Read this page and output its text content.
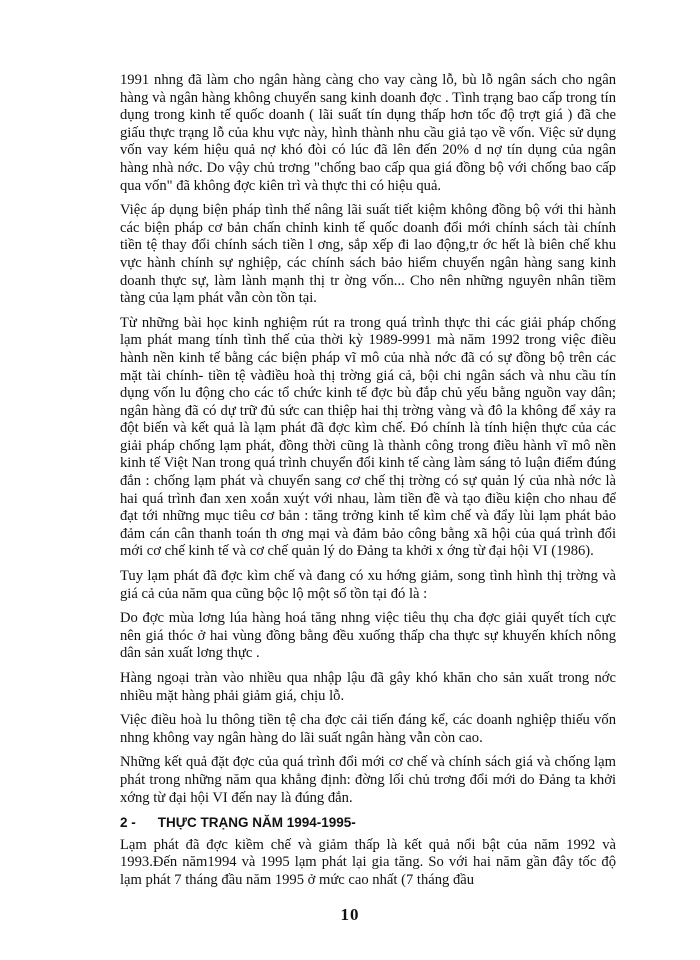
1991 nhng đã làm cho ngân hàng càng cho vay càng lỗ, bù lỗ ngân sách cho ngân hàng và ngân hàng không chuyển sang kinh doanh đợc . Tình trạng bao cấp trong tín dụng trong kinh tế quốc doanh ( lãi suất tín dụng thấp hơn tốc độ trợt giá ) đã che giấu thực trạng lỗ của khu vực này, hình thành nhu cầu giả tạo về vốn. Việc sử dụng vốn vay kém hiệu quả nợ khó đòi có lúc đã lên đến 20% d nợ tín dụng của ngân hàng nhà nớc. Do vậy chủ trơng "chống bao cấp qua giá đồng bộ với chống bao cấp qua vốn" đã không đợc kiên trì và thực thi có hiệu quả.

Việc áp dụng biện pháp tình thế nâng lãi suất tiết kiệm không đồng bộ với thi hành các biện pháp cơ bản chấn chỉnh kinh tế quốc doanh đổi mới chính sách tài chính tiền tệ thay đổi chính sách tiền l ơng, sắp xếp đi lao động,tr ớc hết là biên chế khu vực hành chính sự nghiệp, các chính sách bảo hiểm chuyển ngân hàng sang kinh doanh thực sự, làm lành mạnh thị tr ờng vốn... Cho nên những nguyên nhân tiềm tàng của lạm phát vẫn còn tồn tại.

Từ những bài học kinh nghiệm rút ra trong quá trình thực thi các giải pháp chống lạm phát mang tính tình thế của thời kỳ 1989-9991 mà năm 1992 trong việc điều hành nền kinh tế bằng các biện pháp vĩ mô của nhà nớc đã có sự đồng bộ trên các mặt tài chính- tiền tệ vàđiều hoà thị trờng giá cả, bội chi ngân sách và nhu cầu tín dụng vốn lu động cho các tổ chức kinh tế đợc bù đắp chủ yếu bằng nguồn vay dân; ngân hàng đã có dự trữ đủ sức can thiệp hai thị trờng vàng và đô la không để xảy ra đột biến và kết quả là lạm phát đã đợc kìm chế. Đó chính là tính hiện thực của các giải pháp chống lạm phát, đồng thời cũng là thành công trong điều hành vĩ mô nền kinh tế Việt Nan trong quá trình chuyển đổi kinh tế càng làm sáng tỏ luận điểm đúng đắn : chống lạm phát và chuyển sang cơ chế thị trờng có sự quản lý của nhà nớc là hai quá trình đan xen xoắn xuýt với nhau, làm tiền đề và tạo điều kiện cho nhau để đạt tới những mục tiêu cơ bản : tăng trởng kinh tế kìm chế và đẩy lùi lạm phát bảo đảm cán cân thanh toán th ơng mại và đảm bảo công bằng xã hội của quá trình đổi mới cơ chế kinh tế và cơ chế quản lý do Đảng ta khởi x ớng từ đại hội VI (1986).

Tuy lạm phát đã đợc kìm chế và đang có xu hớng giảm, song tình hình thị trờng và giá cả của năm qua cũng bộc lộ một số tồn tại đó là :

Do đợc mùa lơng lúa hàng hoá tăng nhng việc tiêu thụ cha đợc giải quyết tích cực nên giá thóc ở hai vùng đồng bằng đều xuống thấp cha thực sự khuyến khích nông dân sản xuất lơng thực .

Hàng ngoại tràn vào nhiều qua nhập lậu đã gây khó khăn cho sản xuất trong nớc nhiều mặt hàng phải giảm giá, chịu lỗ.

Việc điều hoà lu thông tiền tệ cha đợc cải tiến đáng kể, các doanh nghiệp thiếu vốn nhng không vay ngân hàng do lãi suất ngân hàng vẫn còn cao.

Những kết quả đặt đợc của quá trình đổi mới cơ chế và chính sách giá và chống lạm phát trong những năm qua khẳng định: đờng lối chủ trơng đổi mới do Đảng ta khởi xớng từ đại hội VI đến nay là đúng đắn.

2 - THỰC TRẠNG NĂM 1994-1995-

Lạm phát đã đợc kiềm chế và giảm thấp là kết quả nổi bật của năm 1992 và 1993.Đến năm1994 và 1995 lạm phát lại gia tăng. So với hai năm gần đây tốc độ lạm phát 7 tháng đầu năm 1995 ở mức cao nhất (7 tháng đầu

10
